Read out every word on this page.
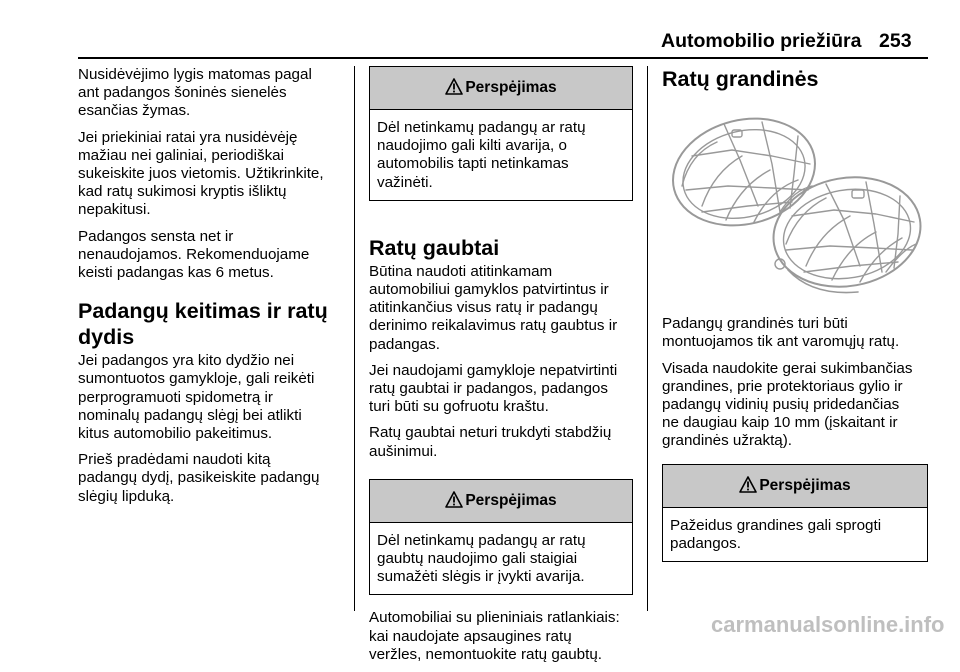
Automobilio priežiūra 253

Nusidėvėjimo lygis matomas pagal
ant padangos šoninės sienelės
esančias žymas.

Jei priekiniai ratai yra nusidėvėję
mažiau nei galiniai, periodiškai
sukeiskite juos vietomis. Užtikrinkite,
kad ratų sukimosi kryptis išliktų
nepakitusi.

Padangos sensta net ir
nenaudojamos. Rekomenduojame
keisti padangas kas 6 metus.

Padangų keitimas ir ratų
dydis

Jei padangos yra kito dydžio nei
sumontuotos gamykloje, gali reikėti
perprogramuoti spidometrą ir
nominalų padangų slėgį bei atlikti
kitus automobilio pakeitimus.

Prieš pradėdami naudoti kitą
padangų dydį, pasikeiskite padangų
slėgių lipduką.

Perspėjimas
Dėl netinkamų padangų ar ratų
naudojimo gali kilti avarija, o
automobilis tapti netinkamas
važinėti.
Ratų gaubtai

Būtina naudoti atitinkamam
automobiliui gamyklos patvirtintus ir
atitinkančius visus ratų ir padangų
derinimo reikalavimus ratų gaubtus ir
padangas.

Jei naudojami gamykloje nepatvirtinti
ratų gaubtai ir padangos, padangos
turi būti su gofruotu kraštu.

Ratų gaubtai neturi trukdyti stabdžių
aušinimui.

Perspėjimas
Dėl netinkamų padangų ar ratų
gaubtų naudojimo gali staigiai
sumažėti slėgis ir įvykti avarija.

Automobiliai su plieniniais ratlankiais:
kai naudojate apsaugines ratų
veržles, nemontuokite ratų gaubtų.

Ratų grandinės

Padangų grandinės turi būti
montuojamos tik ant varomųjų ratų.

Visada naudokite gerai sukimbančias
grandines, prie protektoriaus gylio ir
padangų vidinių pusių pridedančias
ne daugiau kaip 10 mm (įskaitant ir
grandinės užraktą).

Perspėjimas
Pažeidus grandines gali sprogti
padangos.
carmanualsonline.info
